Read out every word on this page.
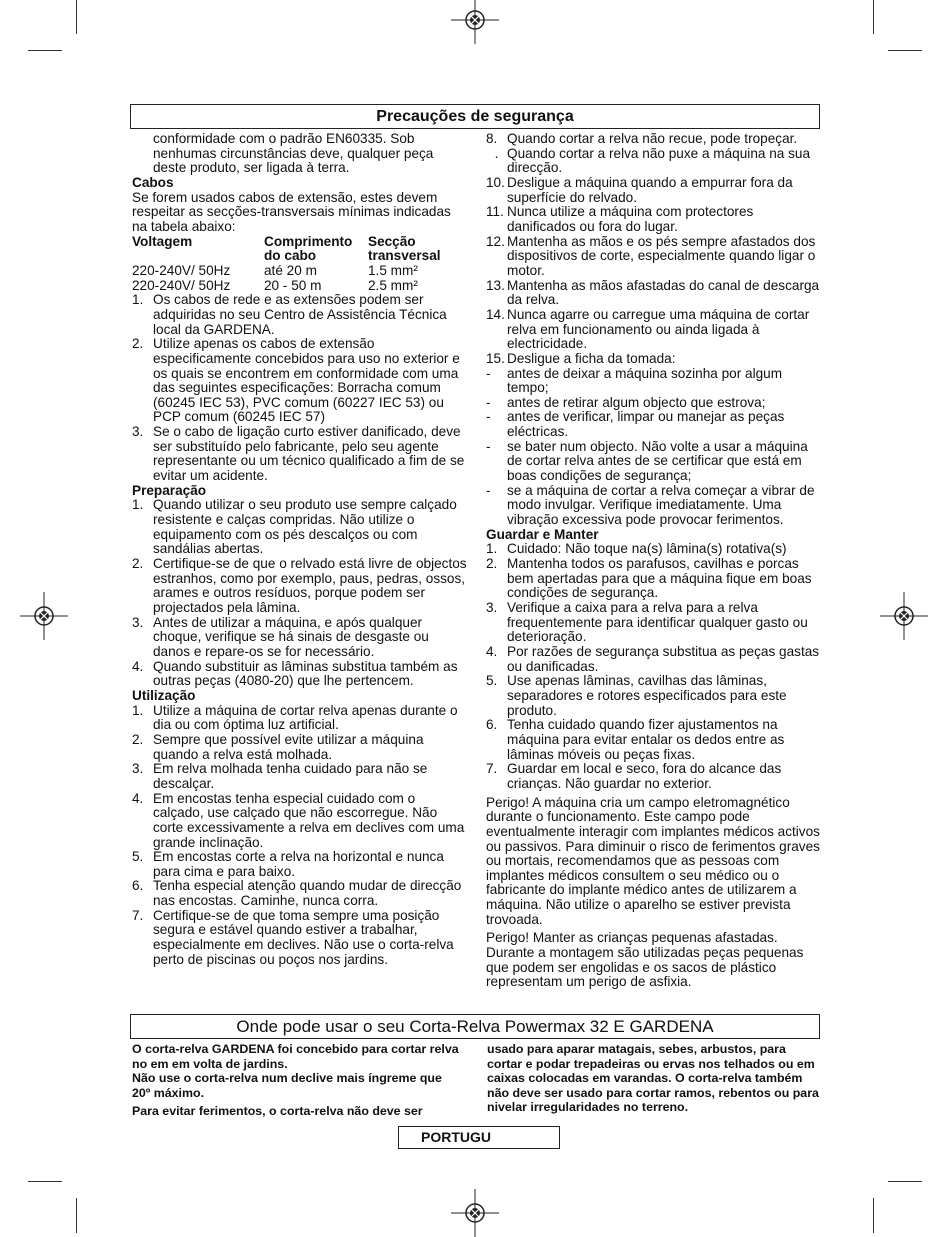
Precauções de segurança

conformidade com o padrão EN60335. Sob nenhumas circunstâncias deve, qualquer peça deste produto, ser ligada à terra.

Cabos

Se forem usados cabos de extensão, estes devem respeitar as secções-transversais mínimas indicadas na tabela abaixo:

Voltagem	Comprimento do cabo	Secção transversal
220-240V/ 50Hz	até 20 m	1.5 mm²
220-240V/ 50Hz	20 - 50 m	2.5 mm²
1. Os cabos de rede e as extensões podem ser adquiridas no seu Centro de Assistência Técnica local da GARDENA.
2. Utilize apenas os cabos de extensão especificamente concebidos para uso no exterior e os quais se encontrem em conformidade com uma das seguintes especificações: Borracha comum (60245 IEC 53), PVC comum (60227 IEC 53) ou PCP comum (60245 IEC 57)
3. Se o cabo de ligação curto estiver danificado, deve ser substituído pelo fabricante, pelo seu agente representante ou um técnico qualificado a fim de se evitar um acidente.

Preparação

1. Quando utilizar o seu produto use sempre calçado resistente e calças compridas. Não utilize o equipamento com os pés descalços ou com sandálias abertas.
2. Certifique-se de que o relvado está livre de objectos estranhos, como por exemplo, paus, pedras, ossos, arames e outros resíduos, porque podem ser projectados pela lâmina.
3. Antes de utilizar a máquina, e após qualquer choque, verifique se há sinais de desgaste ou danos e repare-os se for necessário.
4. Quando substituir as lâminas substitua também as outras peças (4080-20) que lhe pertencem.

Utilização

1. Utilize a máquina de cortar relva apenas durante o dia ou com óptima luz artificial.
2. Sempre que possível evite utilizar a máquina quando a relva está molhada.
3. Em relva molhada tenha cuidado para não se descalçar.
4. Em encostas tenha especial cuidado com o calçado, use calçado que não escorregue. Não corte excessivamente a relva em declives com uma grande inclinação.
5. Em encostas corte a relva na horizontal e nunca para cima e para baixo.
6. Tenha especial atenção quando mudar de direcção nas encostas. Caminhe, nunca corra.
7. Certifique-se de que toma sempre uma posição segura e estável quando estiver a trabalhar, especialmente em declives. Não use o corta-relva perto de piscinas ou poços nos jardins.
8. Quando cortar a relva não recue, pode tropeçar.
. Quando cortar a relva não puxe a máquina na sua direcção.
10. Desligue a máquina quando a empurrar fora da superfície do relvado.
11. Nunca utilize a máquina com protectores danificados ou fora do lugar.
12. Mantenha as mãos e os pés sempre afastados dos dispositivos de corte, especialmente quando ligar o motor.
13. Mantenha as mãos afastadas do canal de descarga da relva.
14. Nunca agarre ou carregue uma máquina de cortar relva em funcionamento ou ainda ligada à electricidade.
15. Desligue a ficha da tomada:
-	antes de deixar a máquina sozinha por algum tempo;
-	antes de retirar algum objecto que estrova;
-	antes de verificar, limpar ou manejar as peças eléctricas.
-	se bater num objecto. Não volte a usar a máquina de cortar relva antes de se certificar que está em boas condições de segurança;
-	se a máquina de cortar a relva começar a vibrar de modo invulgar. Verifique imediatamente. Uma vibração excessiva pode provocar ferimentos.

Guardar e Manter

1. Cuidado: Não toque na(s) lâmina(s) rotativa(s)
2. Mantenha todos os parafusos, cavilhas e porcas bem apertadas para que a máquina fique em boas condições de segurança.
3. Verifique a caixa para a relva para a relva frequentemente para identificar qualquer gasto ou deterioração.
4. Por razões de segurança substitua as peças gastas ou danificadas.
5. Use apenas lâminas, cavilhas das lâminas, separadores e rotores especificados para este produto.
6. Tenha cuidado quando fizer ajustamentos na máquina para evitar entalar os dedos entre as lâminas móveis ou peças fixas.
7. Guardar em local e seco, fora do alcance das crianças. Não guardar no exterior.

Perigo! A máquina cria um campo eletromagnético durante o funcionamento. Este campo pode eventualmente interagir com implantes médicos activos ou passivos. Para diminuir o risco de ferimentos graves ou mortais, recomendamos que as pessoas com implantes médicos consultem o seu médico ou o fabricante do implante médico antes de utilizarem a máquina. Não utilize o aparelho se estiver prevista trovoada.

Perigo! Manter as crianças pequenas afastadas. Durante a montagem são utilizadas peças pequenas que podem ser engolidas e os sacos de plástico representam um perigo de asfixia.

Onde pode usar o seu Corta-Relva Powermax 32 E GARDENA

O corta-relva GARDENA foi concebido para cortar relva no em em volta de jardins.

Não use o corta-relva num declive mais íngreme que 20º máximo.

Para evitar ferimentos, o corta-relva não deve ser

usado para aparar matagais, sebes, arbustos, para cortar e podar trepadeiras ou ervas nos telhados ou em caixas colocadas em varandas. O corta-relva também não deve ser usado para cortar ramos, rebentos ou para nivelar irregularidades no terreno.

PORTUGU
